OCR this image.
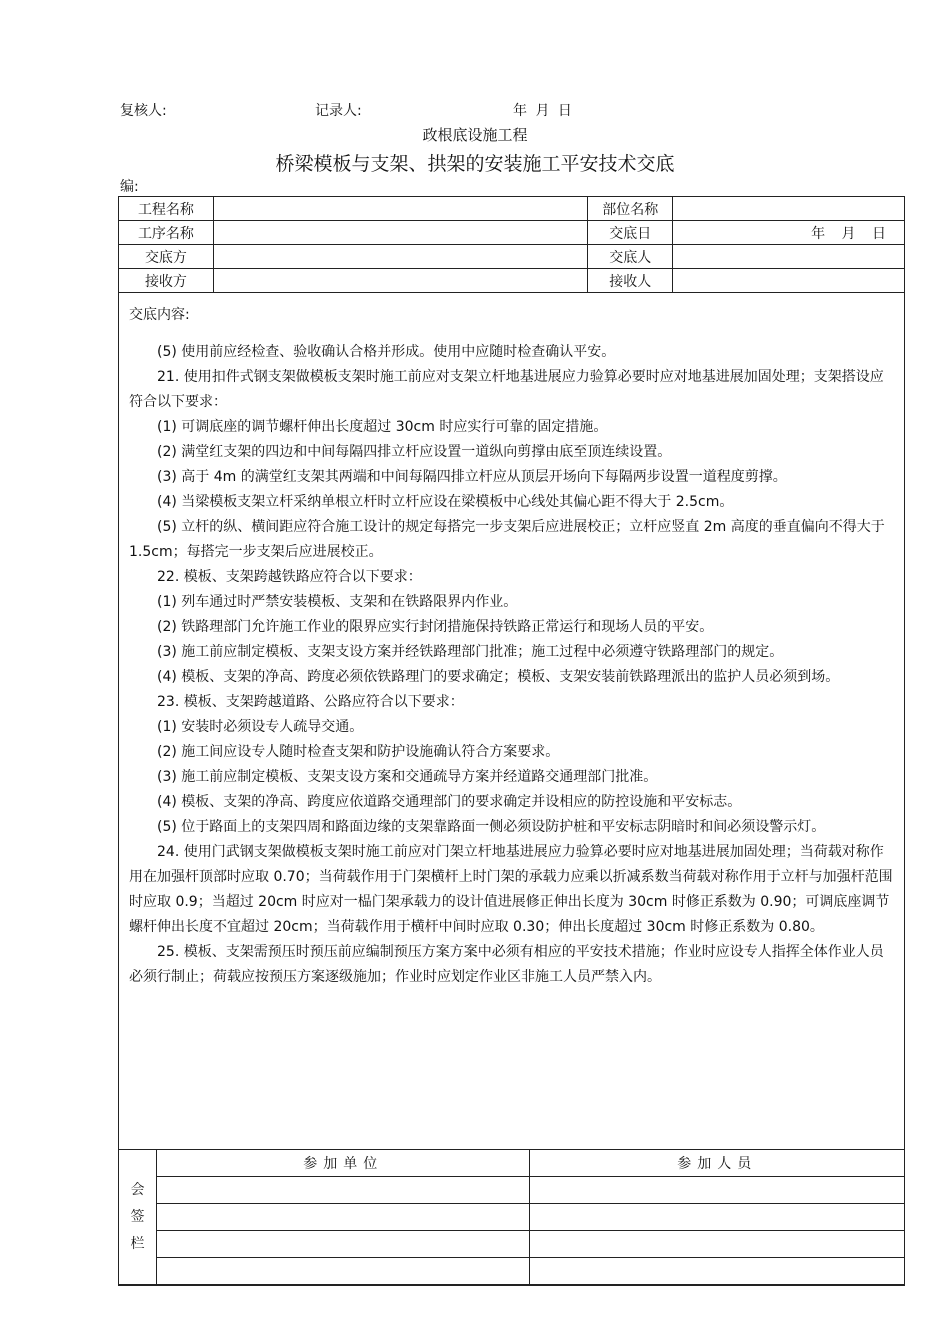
复核人:	记录人:	年 月 日
政根底设施工程
桥梁模板与支架、拱架的安装施工平安技术交底
编:
工程名称		部位名称	
工序名称		交底日	年 月 日
交底方		交底人	
接收方		接收人	
交底内容:

(5) 使用前应经检查、验收确认合格并形成。使用中应随时检查确认平安。

21. 使用扣件式钢支架做模板支架时施工前应对支架立杆地基进展应力验算必要时应对地基进展加固处理；支架搭设应符合以下要求：

(1) 可调底座的调节螺杆伸出长度超过 30cm 时应实行可靠的固定措施。

(2) 满堂红支架的四边和中间每隔四排立杆应设置一道纵向剪撑由底至顶连续设置。

(3) 高于 4m 的满堂红支架其两端和中间每隔四排立杆应从顶层开场向下每隔两步设置一道程度剪撑。

(4) 当梁模板支架立杆采纳单根立杆时立杆应设在梁模板中心线处其偏心距不得大于 2.5cm。

(5) 立杆的纵、横间距应符合施工设计的规定每搭完一步支架后应进展校正；立杆应竖直 2m 高度的垂直偏向不得大于 1.5cm；每搭完一步支架后应进展校正。

22. 模板、支架跨越铁路应符合以下要求：

(1) 列车通过时严禁安装模板、支架和在铁路限界内作业。

(2) 铁路理部门允许施工作业的限界应实行封闭措施保持铁路正常运行和现场人员的平安。

(3) 施工前应制定模板、支架支设方案并经铁路理部门批准；施工过程中必须遵守铁路理部门的规定。

(4) 模板、支架的净高、跨度必须依铁路理门的要求确定；模板、支架安装前铁路理派出的监护人员必须到场。

23. 模板、支架跨越道路、公路应符合以下要求：

(1) 安装时必须设专人疏导交通。

(2) 施工间应设专人随时检查支架和防护设施确认符合方案要求。

(3) 施工前应制定模板、支架支设方案和交通疏导方案并经道路交通理部门批准。

(4) 模板、支架的净高、跨度应依道路交通理部门的要求确定并设相应的防控设施和平安标志。

(5) 位于路面上的支架四周和路面边缘的支架靠路面一侧必须设防护桩和平安标志阴暗时和间必须设警示灯。

24. 使用门武钢支架做模板支架时施工前应对门架立杆地基进展应力验算必要时应对地基进展加固处理；当荷载对称作用在加强杆顶部时应取 0.70；当荷载作用于门架横杆上时门架的承载力应乘以折减系数当荷载对称作用于立杆与加强杆范围时应取 0.9；当超过 20cm 时应对一榀门架承载力的设计值进展修正伸出长度为 30cm 时修正系数为 0.90；可调底座调节螺杆伸出长度不宜超过 20cm；当荷载作用于横杆中间时应取 0.30；伸出长度超过 30cm 时修正系数为 0.80。

25. 模板、支架需预压时预压前应编制预压方案方案中必须有相应的平安技术措施；作业时应设专人指挥全体作业人员必须行制止；荷载应按预压方案逐级施加；作业时应划定作业区非施工人员严禁入内。

会
签
栏	参加单位	参加人员
